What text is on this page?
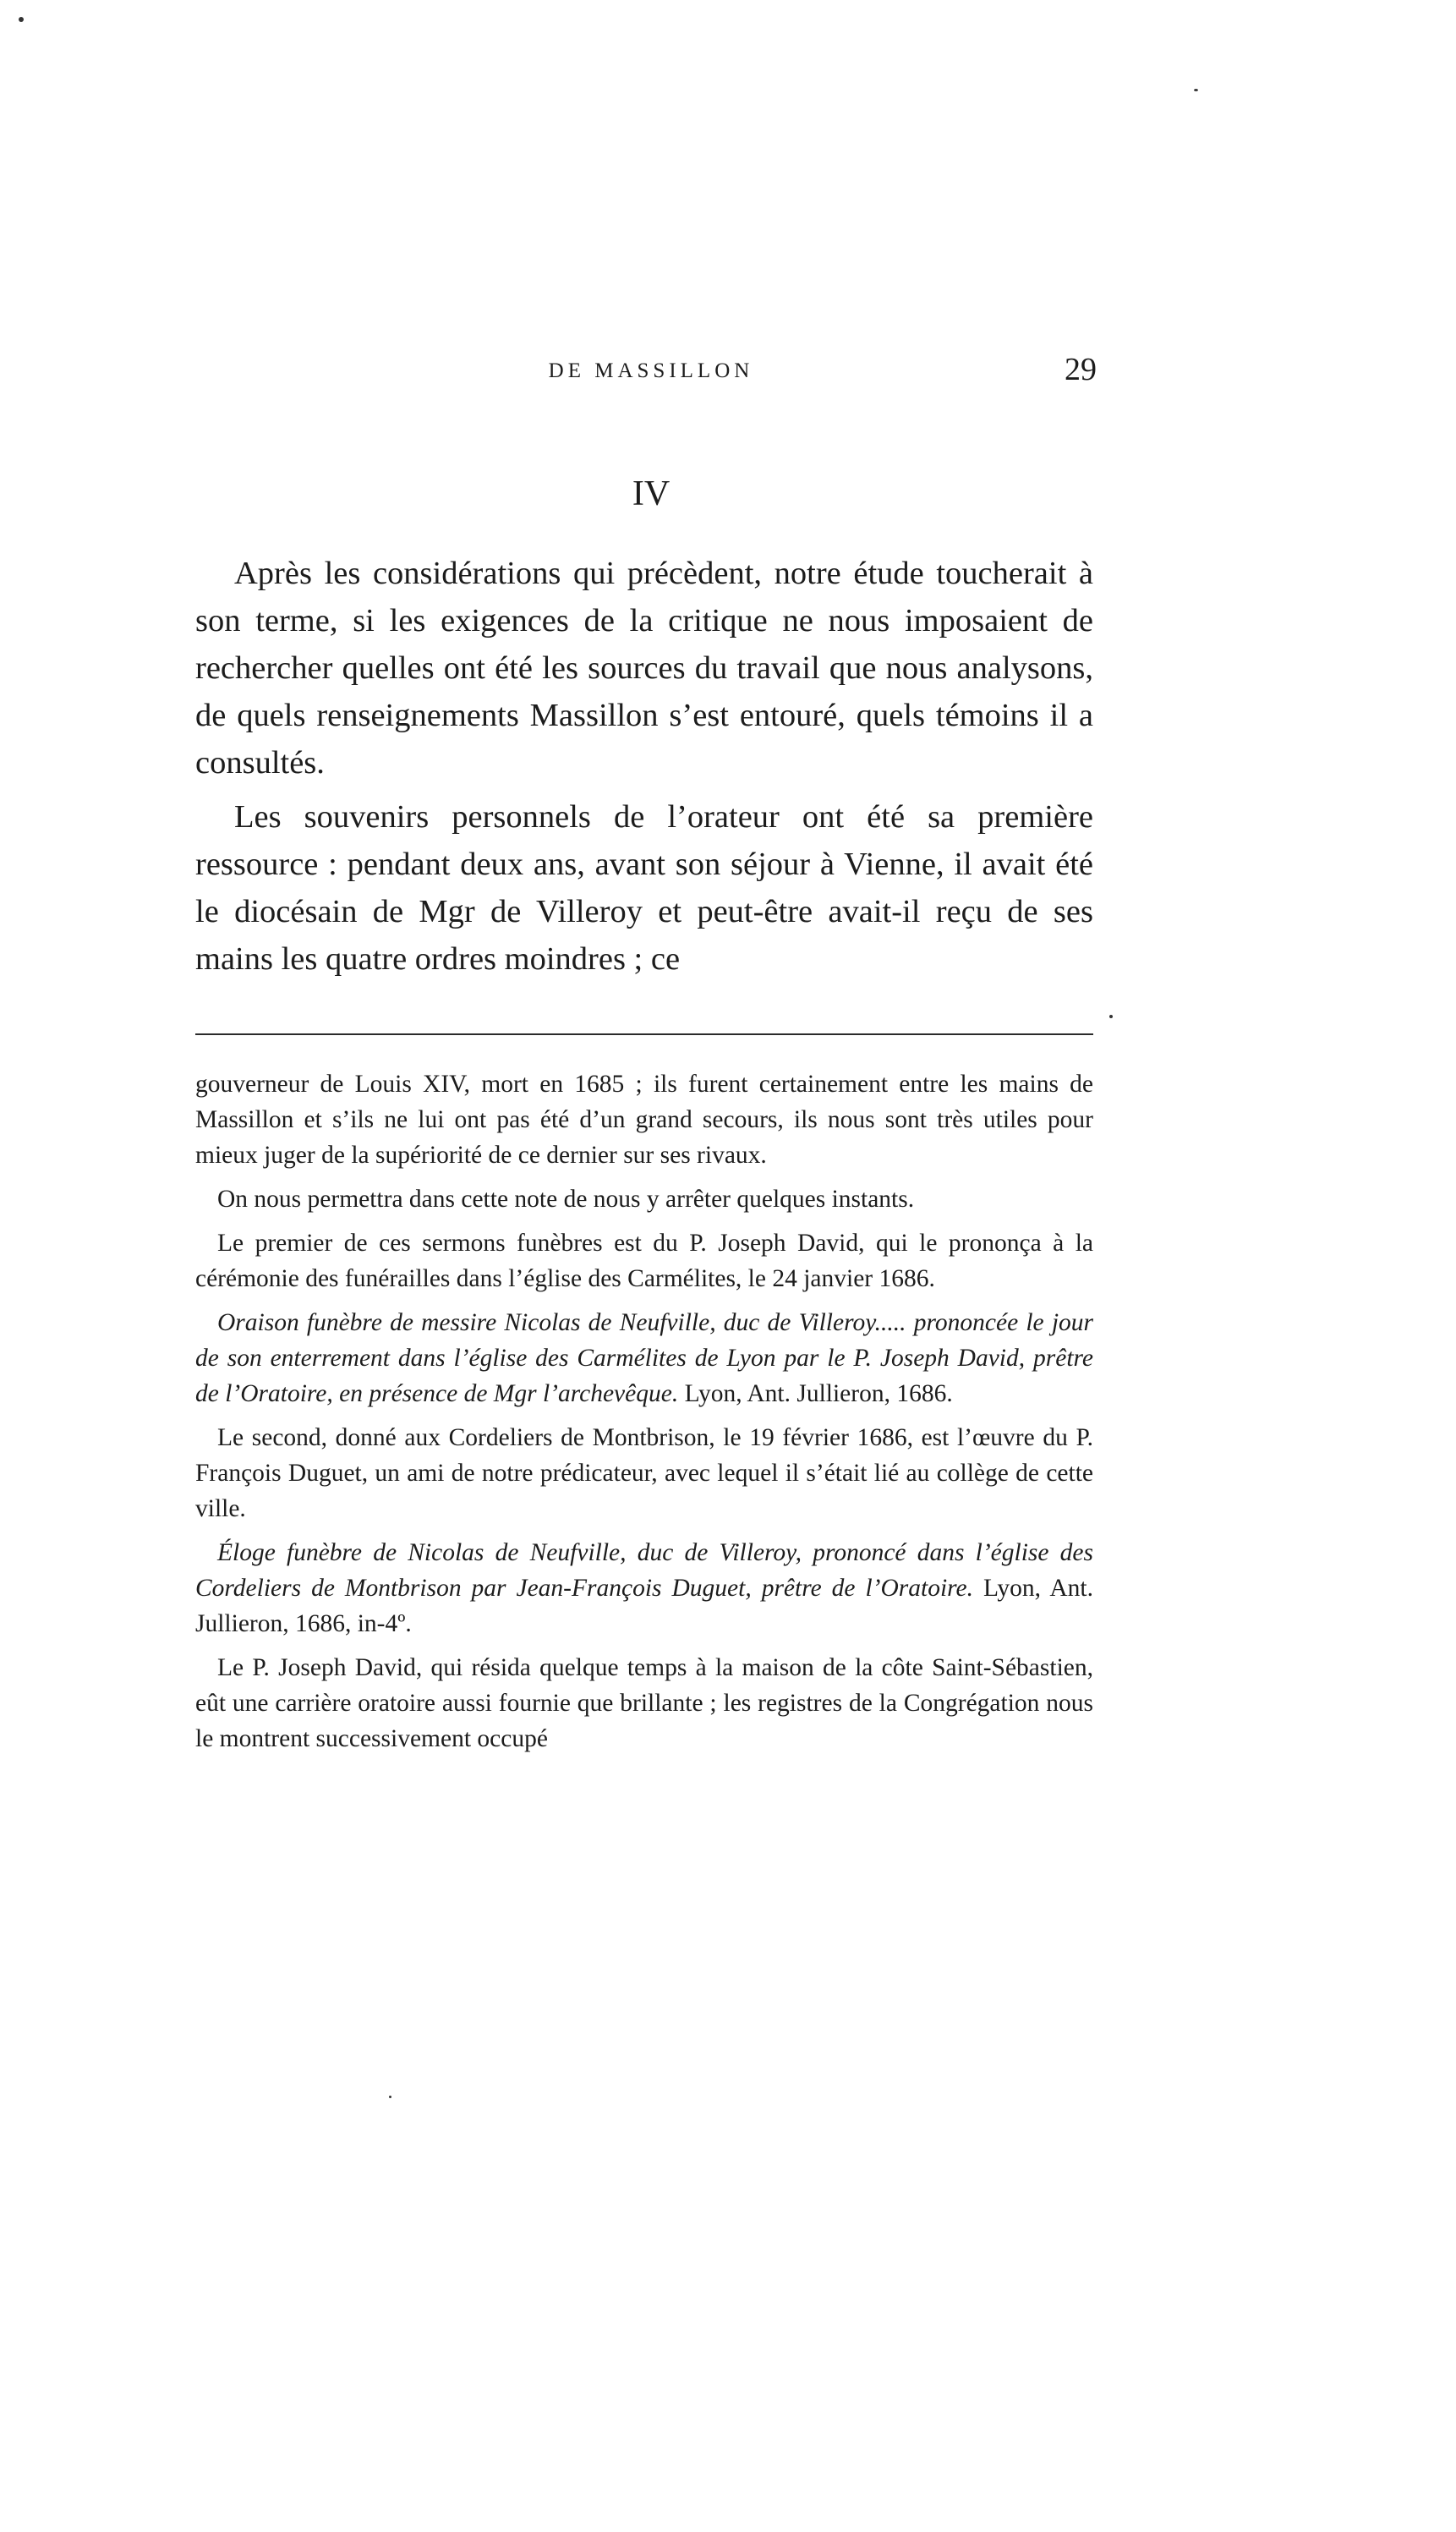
DE MASSILLON	29
IV

Après les considérations qui précèdent, notre étude toucherait à son terme, si les exigences de la critique ne nous imposaient de rechercher quelles ont été les sources du travail que nous analysons, de quels renseignements Massillon s’est entouré, quels témoins il a consultés.

Les souvenirs personnels de l’orateur ont été sa première ressource : pendant deux ans, avant son séjour à Vienne, il avait été le diocésain de Mgr de Villeroy et peut-être avait-il reçu de ses mains les quatre ordres moindres ; ce

gouverneur de Louis XIV, mort en 1685 ; ils furent certainement entre les mains de Massillon et s’ils ne lui ont pas été d’un grand secours, ils nous sont très utiles pour mieux juger de la supériorité de ce dernier sur ses rivaux.

On nous permettra dans cette note de nous y arrêter quelques instants.

Le premier de ces sermons funèbres est du P. Joseph David, qui le prononça à la cérémonie des funérailles dans l’église des Carmélites, le 24 janvier 1686.

Oraison funèbre de messire Nicolas de Neufville, duc de Villeroy..... prononcée le jour de son enterrement dans l’église des Carmélites de Lyon par le P. Joseph David, prêtre de l’Oratoire, en présence de Mgr l’archevêque. Lyon, Ant. Jullieron, 1686.

Le second, donné aux Cordeliers de Montbrison, le 19 février 1686, est l’œuvre du P. François Duguet, un ami de notre prédicateur, avec lequel il s’était lié au collège de cette ville.

Éloge funèbre de Nicolas de Neufville, duc de Villeroy, prononcé dans l’église des Cordeliers de Montbrison par Jean-François Duguet, prêtre de l’Oratoire. Lyon, Ant. Jullieron, 1686, in-4º.

Le P. Joseph David, qui résida quelque temps à la maison de la côte Saint-Sébastien, eût une carrière oratoire aussi fournie que brillante ; les registres de la Congrégation nous le montrent successivement occupé
